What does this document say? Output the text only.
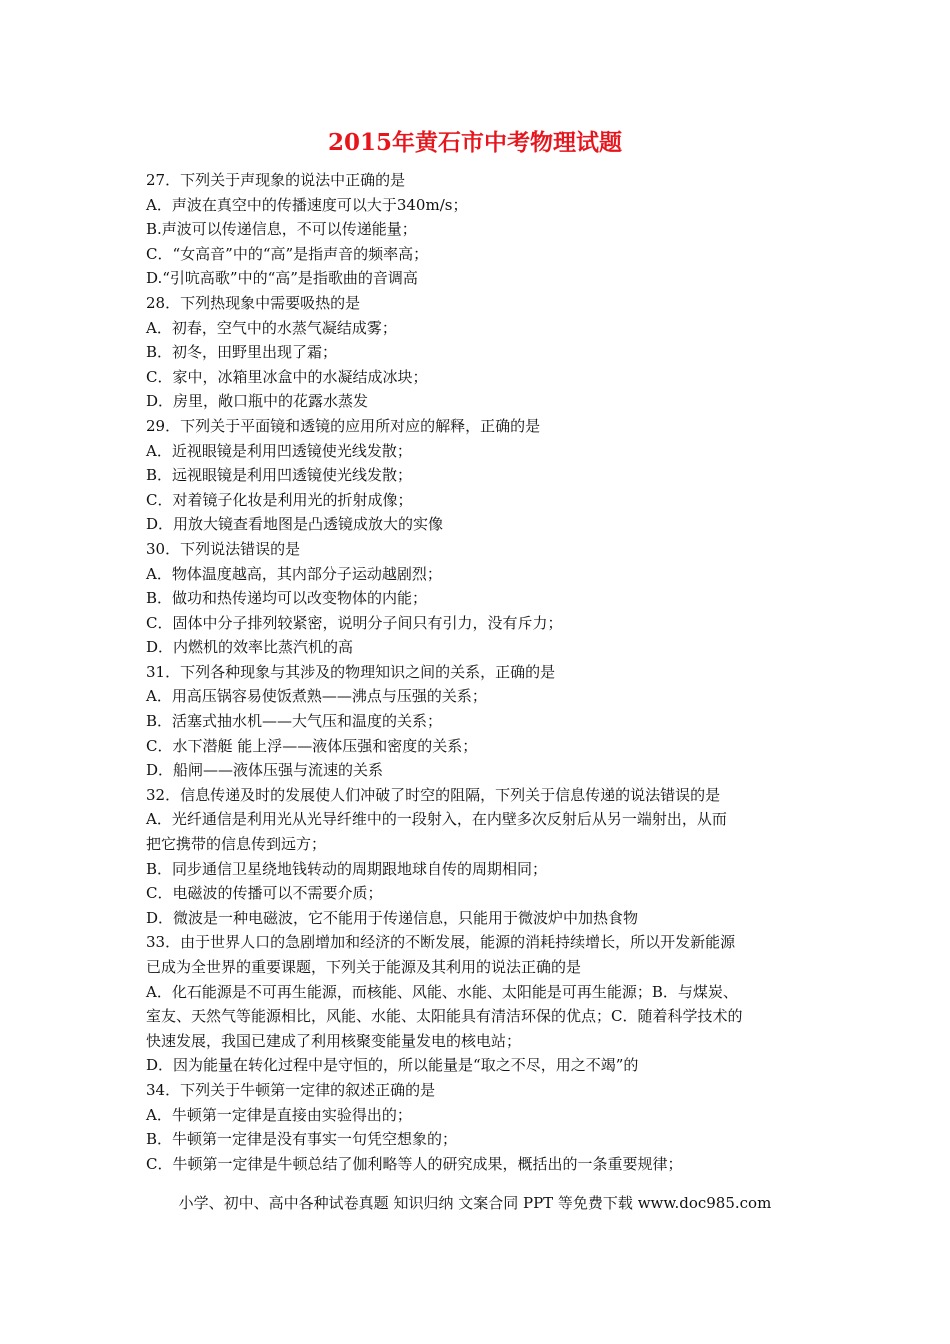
2015年黄石市中考物理试题
27．下列关于声现象的说法中正确的是
A．声波在真空中的传播速度可以大于340m/s；
B.声波可以传递信息，不可以传递能量；
C．“女高音”中的“高”是指声音的频率高；
D.“引吭高歌”中的“高”是指歌曲的音调高
28．下列热现象中需要吸热的是
A．初春，空气中的水蒸气凝结成雾；
B．初冬，田野里出现了霜；
C．家中，冰箱里冰盒中的水凝结成冰块；
D．房里，敞口瓶中的花露水蒸发
29．下列关于平面镜和透镜的应用所对应的解释，正确的是
A．近视眼镜是利用凹透镜使光线发散；
B．远视眼镜是利用凹透镜使光线发散；
C．对着镜子化妆是利用光的折射成像；
D．用放大镜查看地图是凸透镜成放大的实像
30．下列说法错误的是
A．物体温度越高，其内部分子运动越剧烈；
B．做功和热传递均可以改变物体的内能；
C．固体中分子排列较紧密，说明分子间只有引力，没有斥力；
D．内燃机的效率比蒸汽机的高
31．下列各种现象与其涉及的物理知识之间的关系，正确的是
A．用高压锅容易使饭煮熟——沸点与压强的关系；
B．活塞式抽水机——大气压和温度的关系；
C．水下潜艇 能上浮——液体压强和密度的关系；
D．船闸——液体压强与流速的关系
32．信息传递及时的发展使人们冲破了时空的阻隔，下列关于信息传递的说法错误的是
A．光纤通信是利用光从光导纤维中的一段射入，在内壁多次反射后从另一端射出，从而
把它携带的信息传到远方；
B．同步通信卫星绕地钱转动的周期跟地球自传的周期相同；
C．电磁波的传播可以不需要介质；
D．微波是一种电磁波，它不能用于传递信息，只能用于微波炉中加热食物
33．由于世界人口的急剧增加和经济的不断发展，能源的消耗持续增长，所以开发新能源
已成为全世界的重要课题，下列关于能源及其利用的说法正确的是
A．化石能源是不可再生能源，而核能、风能、水能、太阳能是可再生能源；B．与煤炭、
室友、天然气等能源相比，风能、水能、太阳能具有清洁环保的优点；C．随着科学技术的
快速发展，我国已建成了利用核聚变能量发电的核电站；
D．因为能量在转化过程中是守恒的，所以能量是“取之不尽，用之不竭”的
34．下列关于牛顿第一定律的叙述正确的是
A．牛顿第一定律是直接由实验得出的；
B．牛顿第一定律是没有事实一句凭空想象的；
C．牛顿第一定律是牛顿总结了伽利略等人的研究成果，概括出的一条重要规律；
小学、初中、高中各种试卷真题 知识归纳 文案合同 PPT 等免费下载 www.doc985.com
